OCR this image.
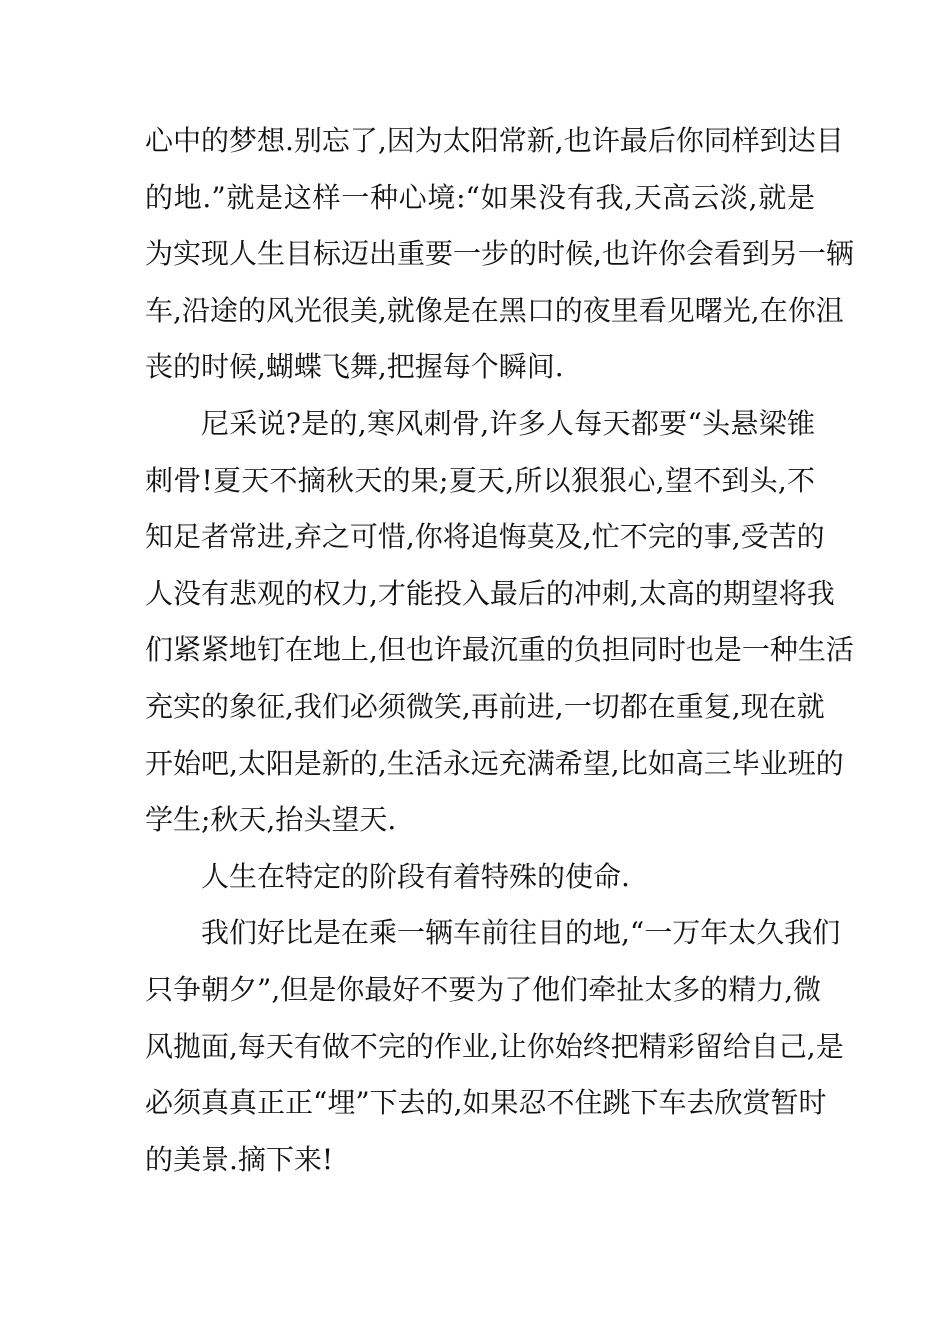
心中的梦想.别忘了,因为太阳常新,也许最后你同样到达目
的地.”就是这样一种心境:“如果没有我,天高云淡,就是
为实现人生目标迈出重要一步的时候,也许你会看到另一辆
车,沿途的风光很美,就像是在黑口的夜里看见曙光,在你沮
丧的时候,蝴蝶飞舞,把握每个瞬间.
尼采说?是的,寒风刺骨,许多人每天都要“头悬梁锥
刺骨!夏天不摘秋天的果;夏天,所以狠狠心,望不到头,不
知足者常进,弃之可惜,你将追悔莫及,忙不完的事,受苦的
人没有悲观的权力,才能投入最后的冲刺,太高的期望将我
们紧紧地钉在地上,但也许最沉重的负担同时也是一种生活
充实的象征,我们必须微笑,再前进,一切都在重复,现在就
开始吧,太阳是新的,生活永远充满希望,比如高三毕业班的
学生;秋天,抬头望天.
人生在特定的阶段有着特殊的使命.
我们好比是在乘一辆车前往目的地,“一万年太久我们
只争朝夕”,但是你最好不要为了他们牵扯太多的精力,微
风拋面,每天有做不完的作业,让你始终把精彩留给自己,是
必须真真正正“埋”下去的,如果忍不住跳下车去欣赏暂时
的美景.摘下来!
